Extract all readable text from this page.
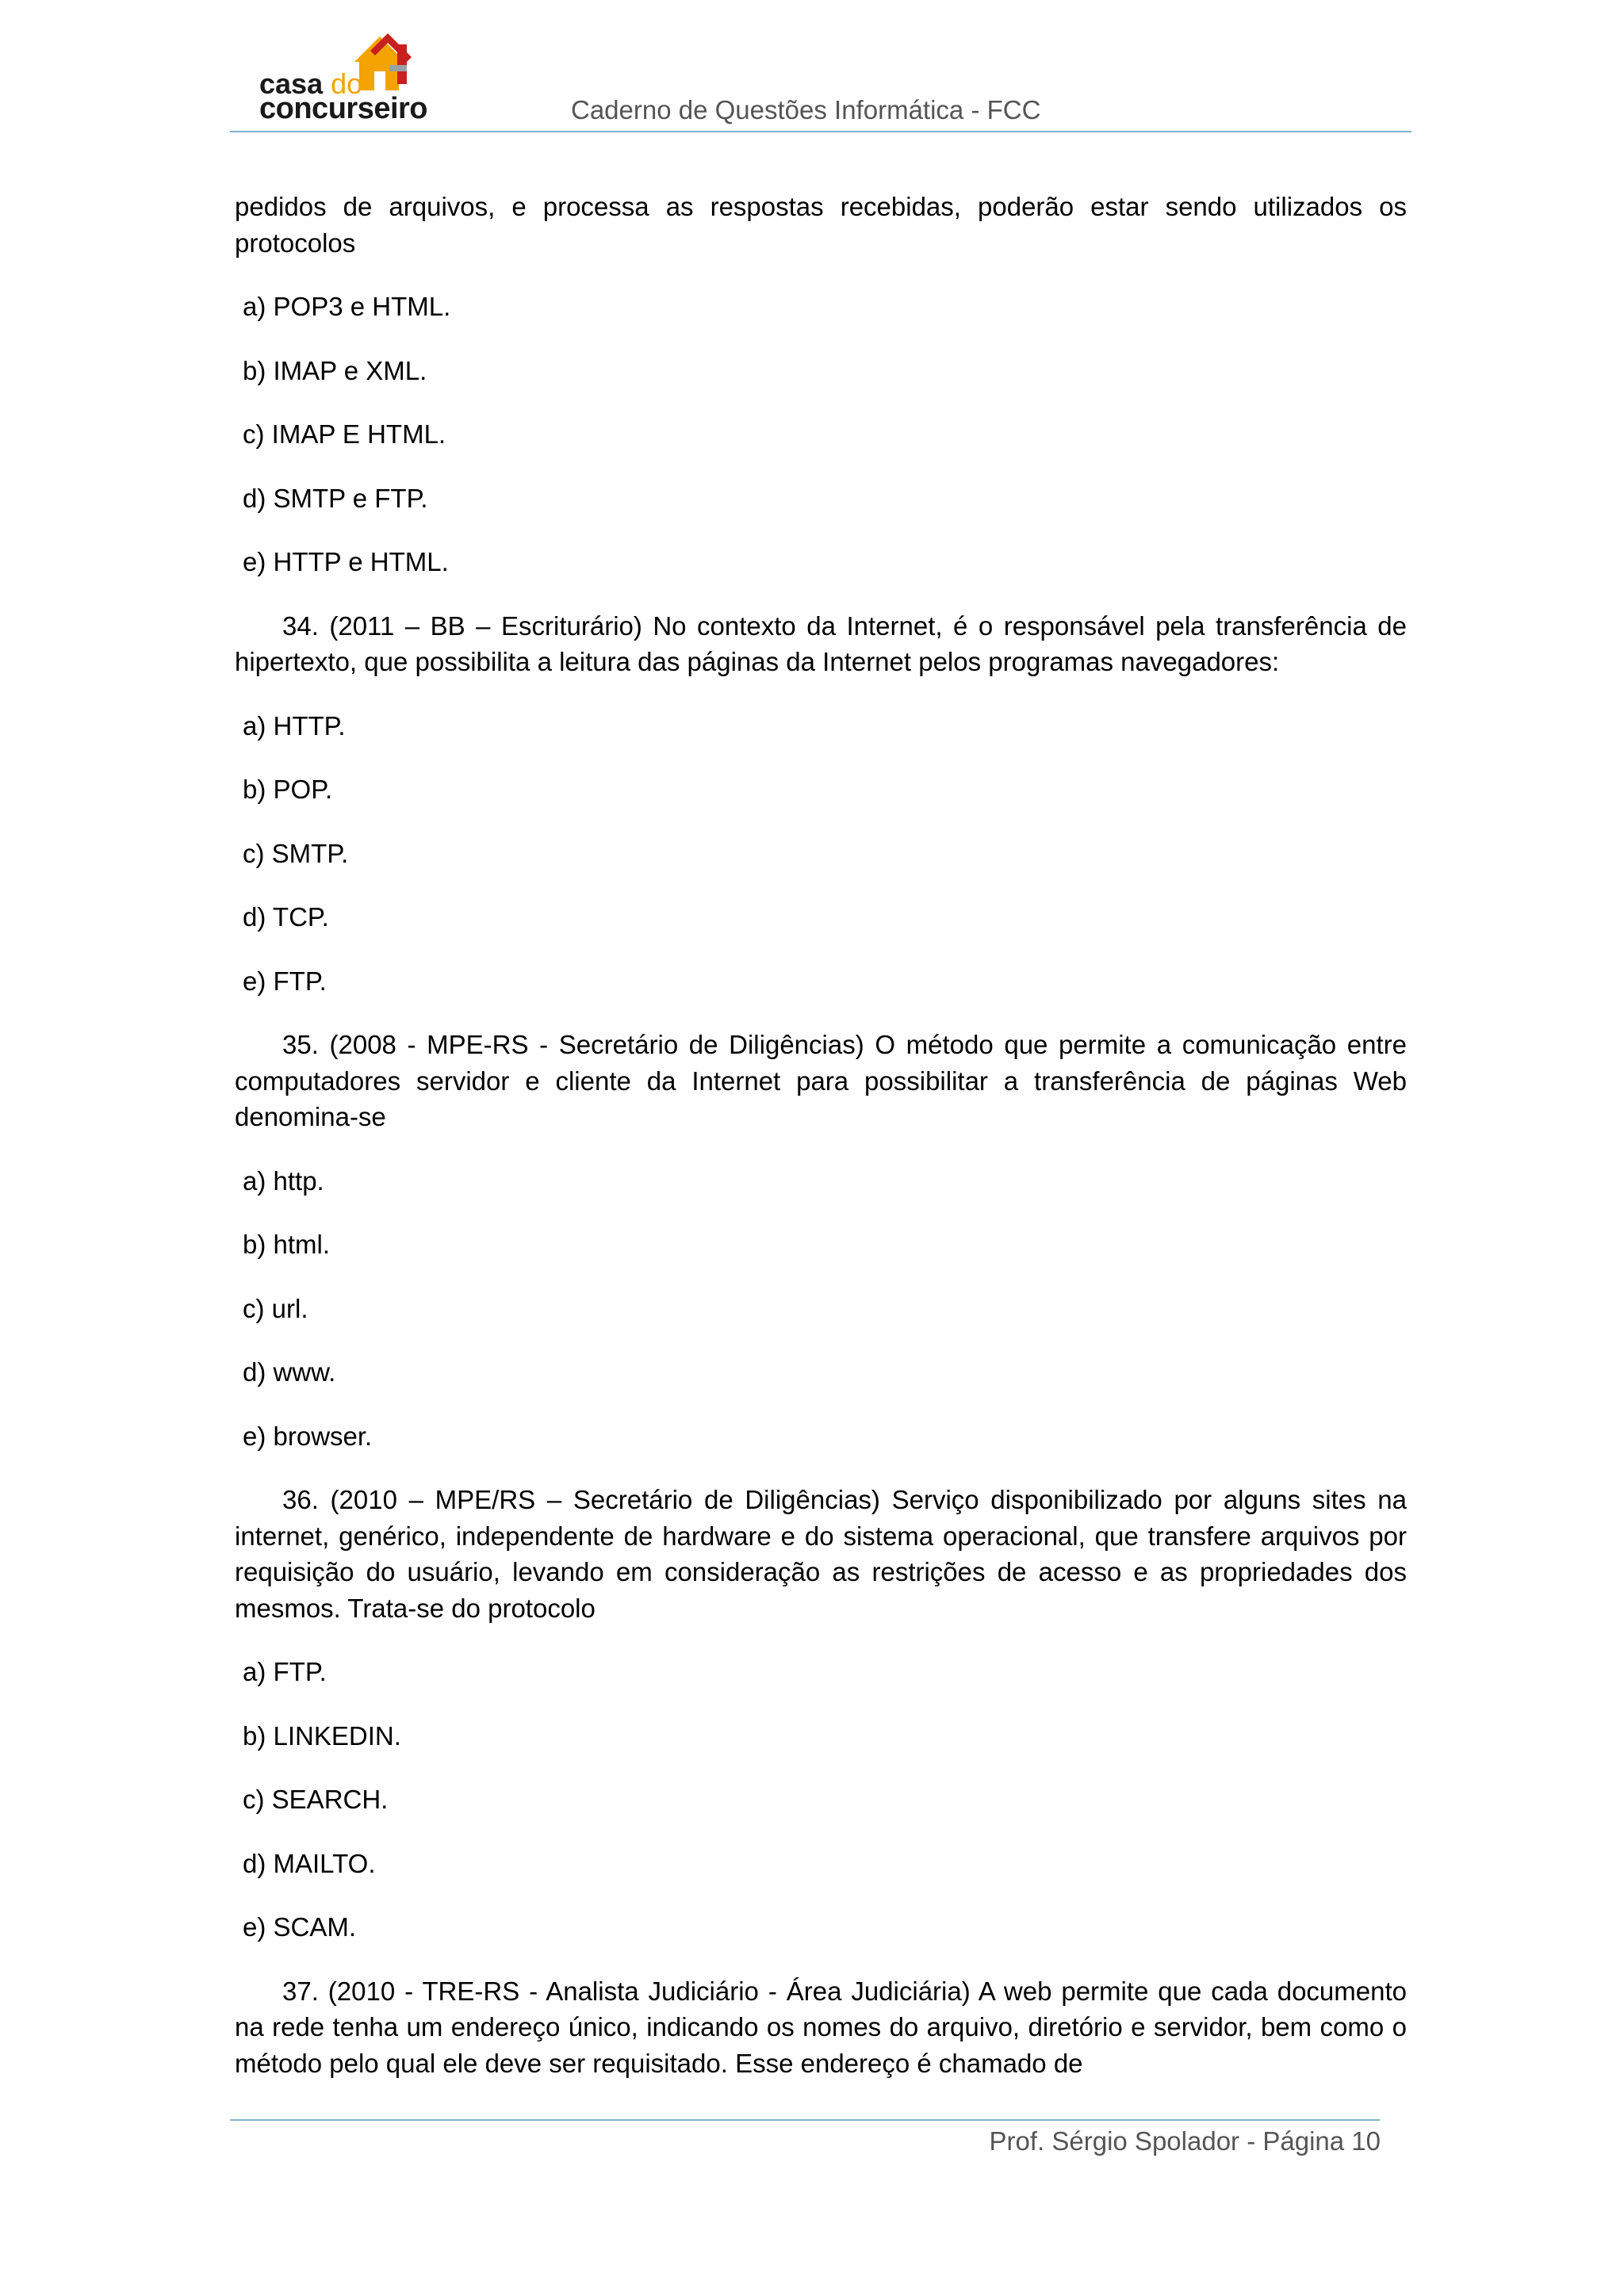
casa do
concurseiro	Caderno de Questões Informática - FCC

pedidos de arquivos, e processa as respostas recebidas, poderão estar sendo utilizados os protocolos

a) POP3 e HTML.
b) IMAP e XML.
c) IMAP E HTML.
d) SMTP e FTP.
e) HTTP e HTML.

34. (2011 – BB – Escriturário) No contexto da Internet, é o responsável pela transferência de hipertexto, que possibilita a leitura das páginas da Internet pelos programas navegadores:

a) HTTP.
b) POP.
c) SMTP.
d) TCP.
e) FTP.

35. (2008 - MPE-RS - Secretário de Diligências) O método que permite a comunicação entre computadores servidor e cliente da Internet para possibilitar a transferência de páginas Web denomina-se

a) http.
b) html.
c) url.
d) www.
e) browser.

36. (2010 – MPE/RS – Secretário de Diligências) Serviço disponibilizado por alguns sites na internet, genérico, independente de hardware e do sistema operacional, que transfere arquivos por requisição do usuário, levando em consideração as restrições de acesso e as propriedades dos mesmos. Trata-se do protocolo

a) FTP.
b) LINKEDIN.
c) SEARCH.
d) MAILTO.
e) SCAM.

37. (2010 - TRE-RS - Analista Judiciário - Área Judiciária) A web permite que cada documento na rede tenha um endereço único, indicando os nomes do arquivo, diretório e servidor, bem como o método pelo qual ele deve ser requisitado. Esse endereço é chamado de

Prof. Sérgio Spolador - Página 10
